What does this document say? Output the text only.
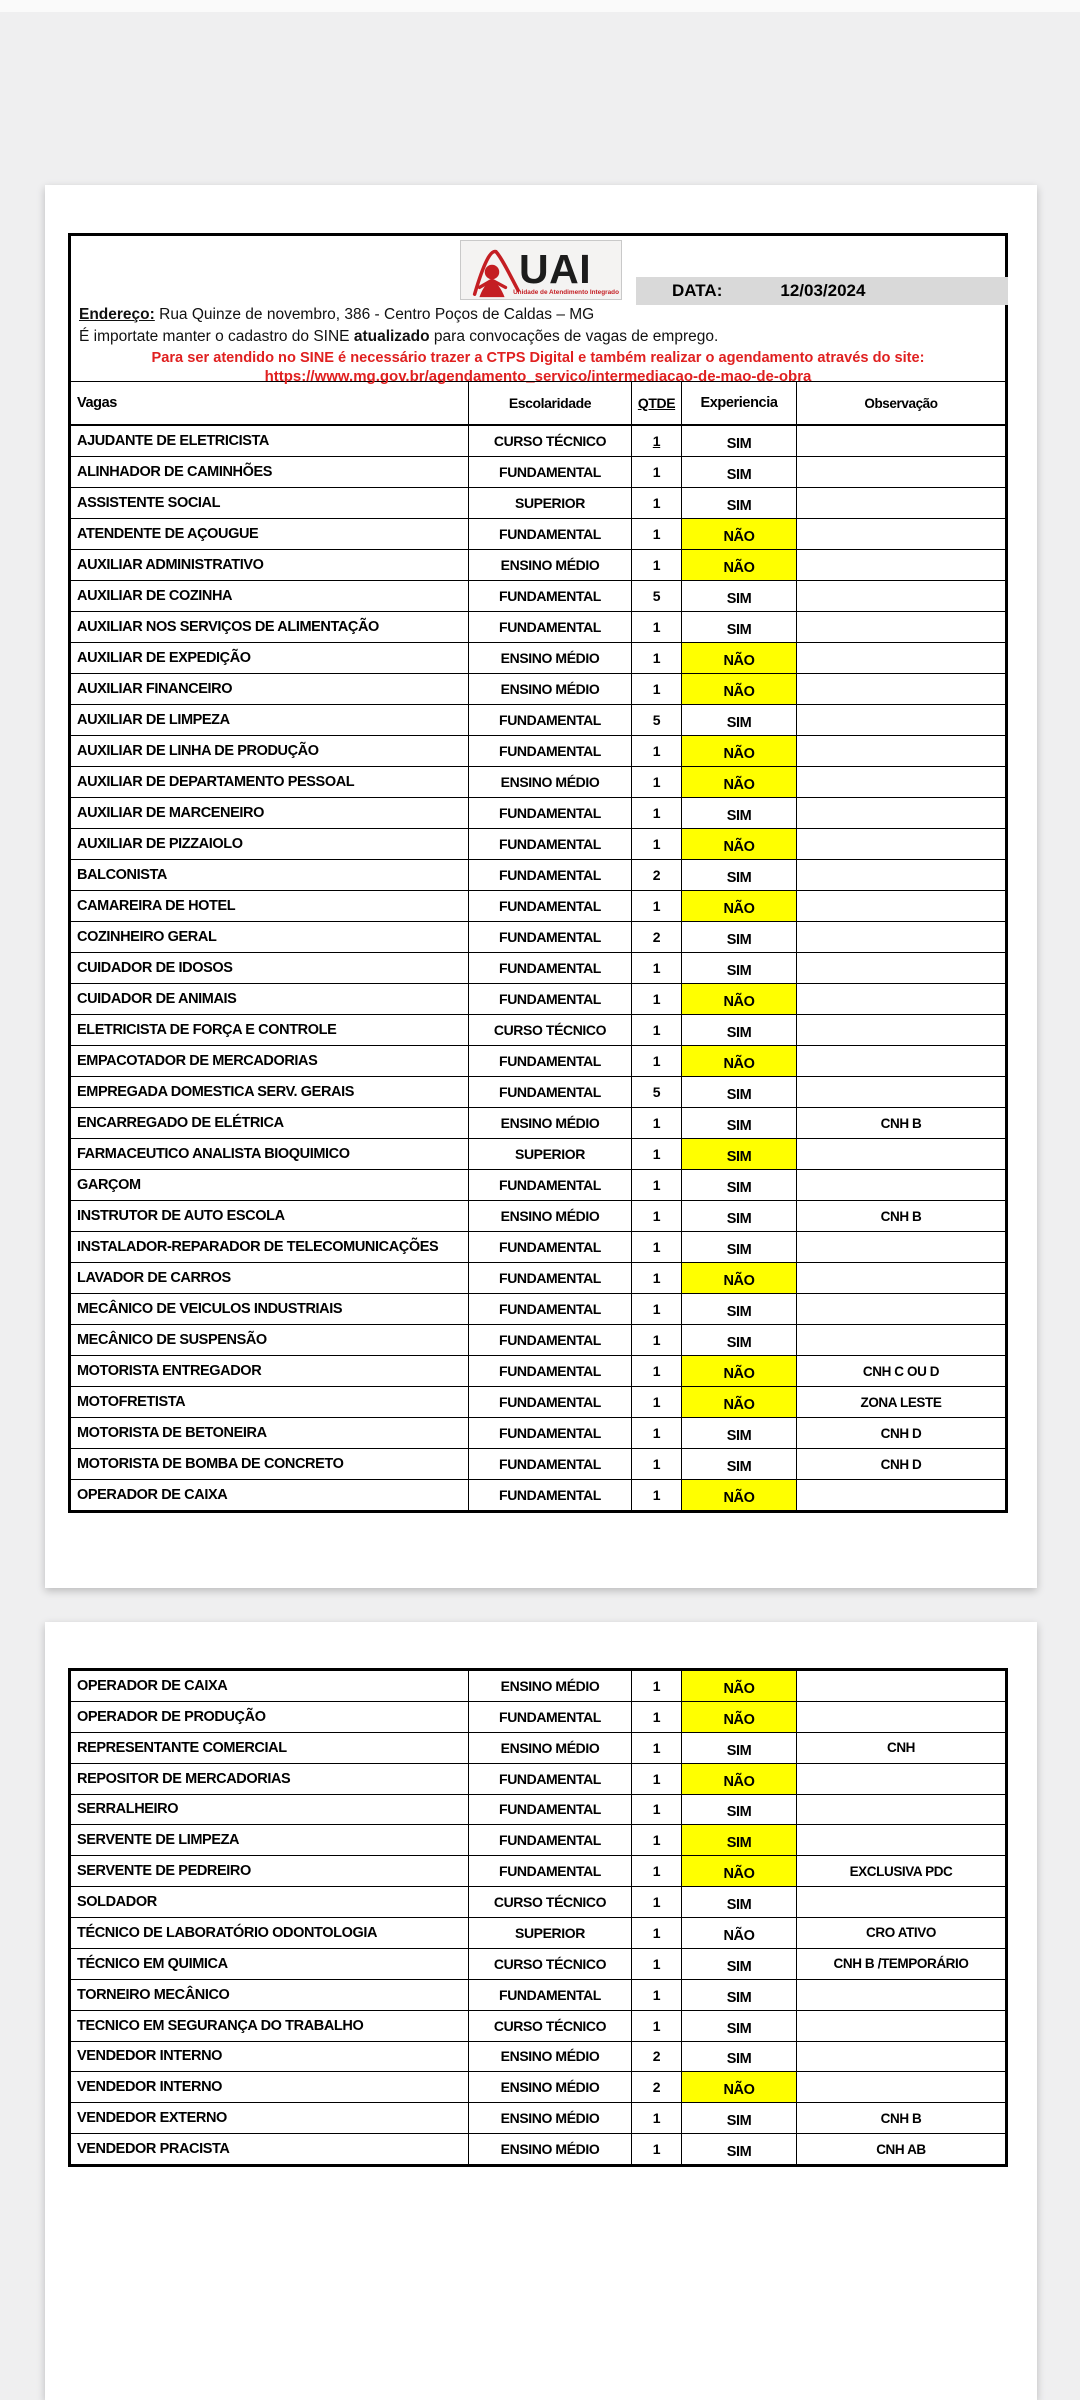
UAI
Unidade de Atendimento Integrado	DATA:	12/03/2024
Endereço: Rua Quinze de novembro, 386 - Centro Poços de Caldas – MG
É importate manter o cadastro do SINE atualizado para convocações de vagas de emprego.
Para ser atendido no SINE é necessário trazer a CTPS Digital e também realizar o agendamento através do site:
https://www.mg.gov.br/agendamento_servico/intermediacao-de-mao-de-obra
Vagas	Escolaridade	QTDE Experiencia	Observação
AJUDANTE DE ELETRICISTA	CURSO TÉCNICO	1	SIM
ALINHADOR DE CAMINHÕES	FUNDAMENTAL	1	SIM
ASSISTENTE SOCIAL	SUPERIOR	1	SIM
ATENDENTE DE AÇOUGUE	FUNDAMENTAL	1	NÃO
AUXILIAR ADMINISTRATIVO	ENSINO MÉDIO	1	NÃO
AUXILIAR DE COZINHA	FUNDAMENTAL	5	SIM
AUXILIAR NOS SERVIÇOS DE ALIMENTAÇÃO	FUNDAMENTAL	1	SIM
AUXILIAR DE EXPEDIÇÃO	ENSINO MÉDIO	1	NÃO
AUXILIAR FINANCEIRO	ENSINO MÉDIO	1	NÃO
AUXILIAR DE LIMPEZA	FUNDAMENTAL	5	SIM
AUXILIAR DE LINHA DE PRODUÇÃO	FUNDAMENTAL	1	NÃO
AUXILIAR DE DEPARTAMENTO PESSOAL	ENSINO MÉDIO	1	NÃO
AUXILIAR DE MARCENEIRO	FUNDAMENTAL	1	SIM
AUXILIAR DE PIZZAIOLO	FUNDAMENTAL	1	NÃO
BALCONISTA	FUNDAMENTAL	2	SIM
CAMAREIRA DE HOTEL	FUNDAMENTAL	1	NÃO
COZINHEIRO GERAL	FUNDAMENTAL	2	SIM
CUIDADOR DE IDOSOS	FUNDAMENTAL	1	SIM
CUIDADOR DE ANIMAIS	FUNDAMENTAL	1	NÃO
ELETRICISTA DE FORÇA E CONTROLE	CURSO TÉCNICO	1	SIM
EMPACOTADOR DE MERCADORIAS	FUNDAMENTAL	1	NÃO
EMPREGADA DOMESTICA SERV. GERAIS	FUNDAMENTAL	5	SIM
ENCARREGADO DE ELÉTRICA	ENSINO MÉDIO	1	SIM	CNH B
FARMACEUTICO ANALISTA BIOQUIMICO	SUPERIOR	1	SIM
GARÇOM	FUNDAMENTAL	1	SIM
INSTRUTOR DE AUTO ESCOLA	ENSINO MÉDIO	1	SIM	CNH B
INSTALADOR-REPARADOR DE TELECOMUNICAÇÕES	FUNDAMENTAL	1	SIM
LAVADOR DE CARROS	FUNDAMENTAL	1	NÃO
MECÂNICO DE VEICULOS INDUSTRIAIS	FUNDAMENTAL	1	SIM
MECÂNICO DE SUSPENSÃO	FUNDAMENTAL	1	SIM
MOTORISTA ENTREGADOR	FUNDAMENTAL	1	NÃO	CNH C OU D
MOTOFRETISTA	FUNDAMENTAL	1	NÃO	ZONA LESTE
MOTORISTA DE BETONEIRA	FUNDAMENTAL	1	SIM	CNH D
MOTORISTA DE BOMBA DE CONCRETO	FUNDAMENTAL	1	SIM	CNH D
OPERADOR DE CAIXA	FUNDAMENTAL	1	NÃO
OPERADOR DE CAIXA	ENSINO MÉDIO	1	NÃO
OPERADOR DE PRODUÇÃO	FUNDAMENTAL	1	NÃO
REPRESENTANTE COMERCIAL	ENSINO MÉDIO	1	SIM	CNH
REPOSITOR DE MERCADORIAS	FUNDAMENTAL	1	NÃO
SERRALHEIRO	FUNDAMENTAL	1	SIM
SERVENTE DE LIMPEZA	FUNDAMENTAL	1	SIM
SERVENTE DE PEDREIRO	FUNDAMENTAL	1	NÃO	EXCLUSIVA PDC
SOLDADOR	CURSO TÉCNICO	1	SIM
TÉCNICO DE LABORATÓRIO ODONTOLOGIA	SUPERIOR	1	NÃO	CRO ATIVO
TÉCNICO EM QUIMICA	CURSO TÉCNICO	1	SIM	CNH B /TEMPORÁRIO
TORNEIRO MECÂNICO	FUNDAMENTAL	1	SIM
TECNICO EM SEGURANÇA DO TRABALHO	CURSO TÉCNICO	1	SIM
VENDEDOR INTERNO	ENSINO MÉDIO	2	SIM
VENDEDOR INTERNO	ENSINO MÉDIO	2	NÃO
VENDEDOR EXTERNO	ENSINO MÉDIO	1	SIM	CNH B
VENDEDOR PRACISTA	ENSINO MÉDIO	1	SIM	CNH AB
